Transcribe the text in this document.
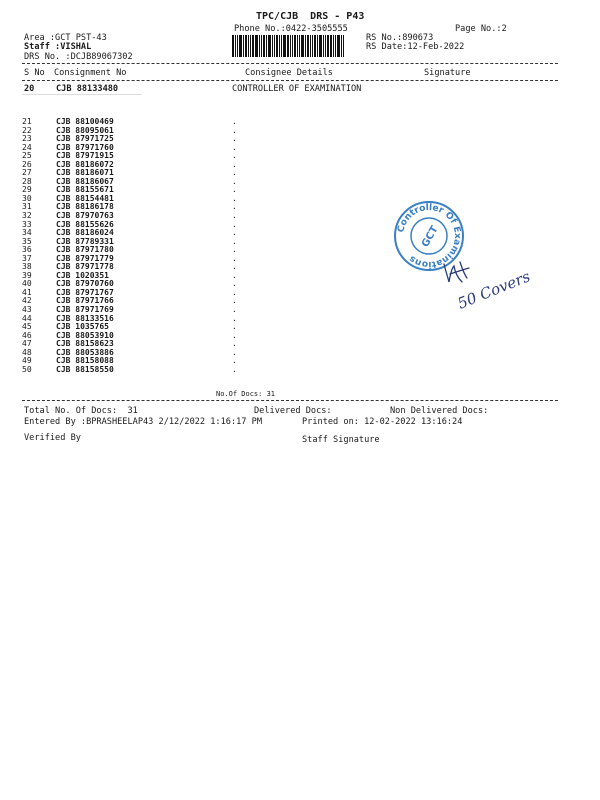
TPC/CJB  DRS - P43
Phone No.:0422-3505555	Page No.:2
Area :GCT PST-43
Staff :VISHAL
DRS No. :DCJB89067302
RS No.:890673
RS Date:12-Feb-2022
S No Consignment No	Consignee Details	Signature
20	CJB 88133480	CONTROLLER OF EXAMINATION
21	CJB 88100469	.
22	CJB 88095061	.
23	CJB 87971725	.
24	CJB 87971760	.
25	CJB 87971915	.
26	CJB 88186072	.
27	CJB 88186071	.
28	CJB 88186067	.
29	CJB 88155671	.
30	CJB 88154481	.
31	CJB 88186178	.
32	CJB 87970763	.
33	CJB 88155626	.
34	CJB 88186024	.
35	CJB 87789331	.
36	CJB 87971780	.
37	CJB 87971779	.
38	CJB 87971778	.
39	CJB 1020351	.
40	CJB 87970760	.
41	CJB 87971767	.
42	CJB 87971766	.
43	CJB 87971769	.
44	CJB 88133516	.
45	CJB 1035765	.
46	CJB 88053910	.
47	CJB 88158623	.
48	CJB 88053886	.
49	CJB 88158088	.
50	CJB 88158550	.
No.Of Docs: 31
Total No. Of Docs:  31	Delivered Docs:	Non Delivered Docs:
Entered By :BPRASHEELAP43 2/12/2022 1:16:17 PM	Printed on: 12-02-2022 13:16:24
Verified By	Staff Signature
Controller Of Examinations
GCT
50 Covers
